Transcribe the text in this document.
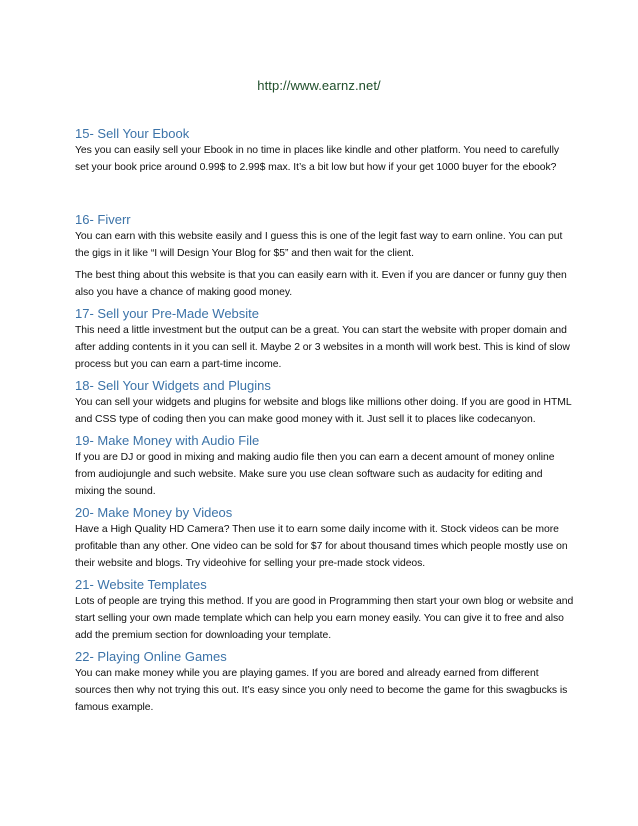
http://www.earnz.net/
15- Sell Your Ebook

Yes you can easily sell your Ebook in no time in places like kindle and other platform. You need to carefully set your book price around 0.99$ to 2.99$ max. It’s a bit low but how if your get 1000 buyer for the ebook?

16- Fiverr

You can earn with this website easily and I guess this is one of the legit fast way to earn online. You can put the gigs in it like “I will Design Your Blog for $5” and then wait for the client.

The best thing about this website is that you can easily earn with it. Even if you are dancer or funny guy then also you have a chance of making good money.

17- Sell your Pre-Made Website

This need a little investment but the output can be a great. You can start the website with proper domain and after adding contents in it you can sell it. Maybe 2 or 3 websites in a month will work best. This is kind of slow process but you can earn a part-time income.

18- Sell Your Widgets and Plugins

You can sell your widgets and plugins for website and blogs like millions other doing. If you are good in HTML and CSS type of coding then you can make good money with it. Just sell it to places like codecanyon.

19- Make Money with Audio File

If you are DJ or good in mixing and making audio file then you can earn a decent amount of money online from audiojungle and such website. Make sure you use clean software such as audacity for editing and mixing the sound.

20- Make Money by Videos

Have a High Quality HD Camera? Then use it to earn some daily income with it. Stock videos can be more profitable than any other. One video can be sold for $7 for about thousand times which people mostly use on their website and blogs. Try videohive for selling your pre-made stock videos.

21- Website Templates

Lots of people are trying this method. If you are good in Programming then start your own blog or website and start selling your own made template which can help you earn money easily. You can give it to free and also add the premium section for downloading your template.

22- Playing Online Games

You can make money while you are playing games. If you are bored and already earned from different sources then why not trying this out. It’s easy since you only need to become the game for this swagbucks is famous example.
